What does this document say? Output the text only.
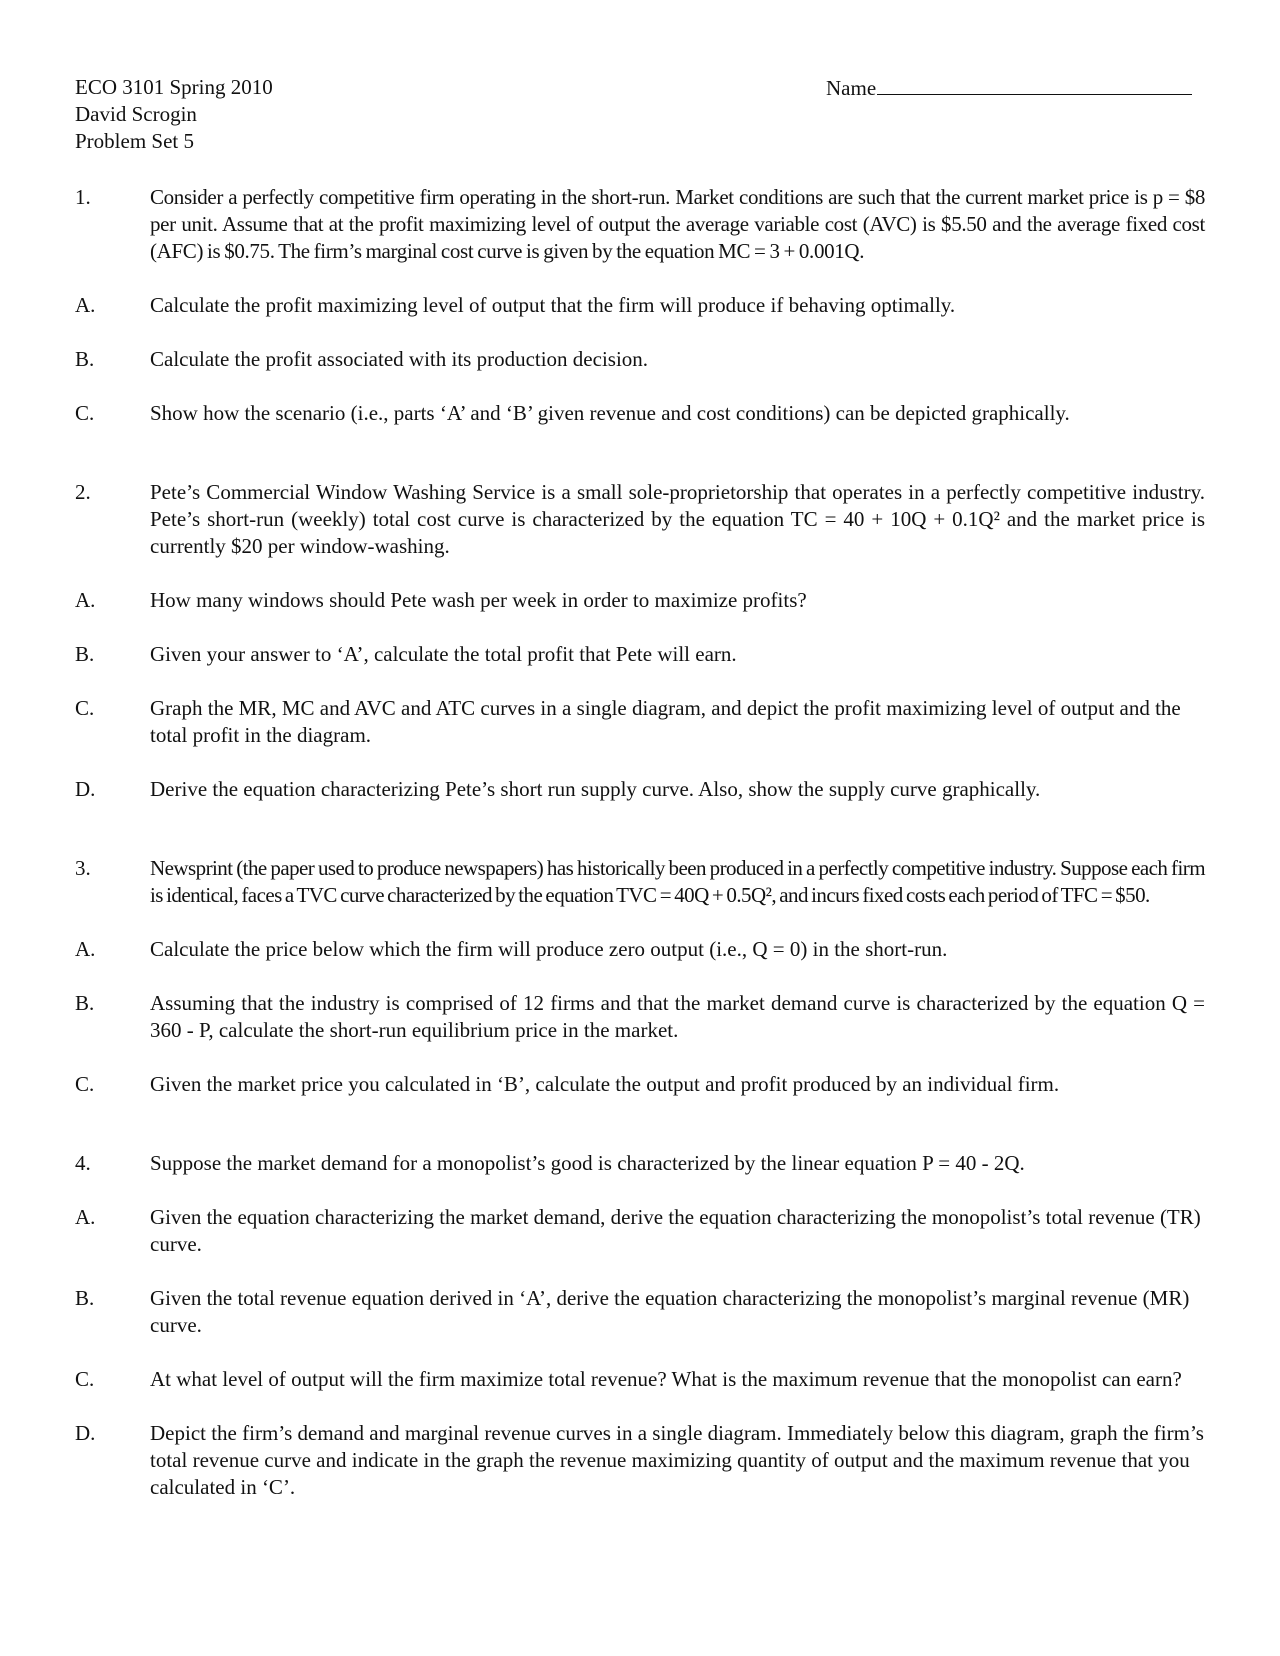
ECO 3101 Spring 2010
David Scrogin
Problem Set 5
Name
1.	Consider a perfectly competitive firm operating in the short-run. Market conditions are such that the current market price is p = $8 per unit. Assume that at the profit maximizing level of output the average variable cost (AVC) is $5.50 and the average fixed cost (AFC) is $0.75. The firm’s marginal cost curve is given by the equation MC = 3 + 0.001Q.
A.	Calculate the profit maximizing level of output that the firm will produce if behaving optimally.
B.	Calculate the profit associated with its production decision.
C.	Show how the scenario (i.e., parts ‘A’ and ‘B’ given revenue and cost conditions) can be depicted graphically.
2.	Pete’s Commercial Window Washing Service is a small sole-proprietorship that operates in a perfectly competitive industry. Pete’s short-run (weekly) total cost curve is characterized by the equation TC = 40 + 10Q + 0.1Q² and the market price is currently $20 per window-washing.
A.	How many windows should Pete wash per week in order to maximize profits?
B.	Given your answer to ‘A’, calculate the total profit that Pete will earn.
C.	Graph the MR, MC and AVC and ATC curves in a single diagram, and depict the profit maximizing level of output and the total profit in the diagram.
D.	Derive the equation characterizing Pete’s short run supply curve. Also, show the supply curve graphically.
3.	Newsprint (the paper used to produce newspapers) has historically been produced in a perfectly competitive industry. Suppose each firm is identical, faces a TVC curve characterized by the equation TVC = 40Q + 0.5Q², and incurs fixed costs each period of TFC = $50.
A.	Calculate the price below which the firm will produce zero output (i.e., Q = 0) in the short-run.
B.	Assuming that the industry is comprised of 12 firms and that the market demand curve is characterized by the equation Q = 360 - P, calculate the short-run equilibrium price in the market.
C.	Given the market price you calculated in ‘B’, calculate the output and profit produced by an individual firm.
4.	Suppose the market demand for a monopolist’s good is characterized by the linear equation P = 40 - 2Q.
A.	Given the equation characterizing the market demand, derive the equation characterizing the monopolist’s total revenue (TR) curve.
B.	Given the total revenue equation derived in ‘A’, derive the equation characterizing the monopolist’s marginal revenue (MR) curve.
C.	At what level of output will the firm maximize total revenue? What is the maximum revenue that the monopolist can earn?
D.	Depict the firm’s demand and marginal revenue curves in a single diagram. Immediately below this diagram, graph the firm’s total revenue curve and indicate in the graph the revenue maximizing quantity of output and the maximum revenue that you calculated in ‘C’.
